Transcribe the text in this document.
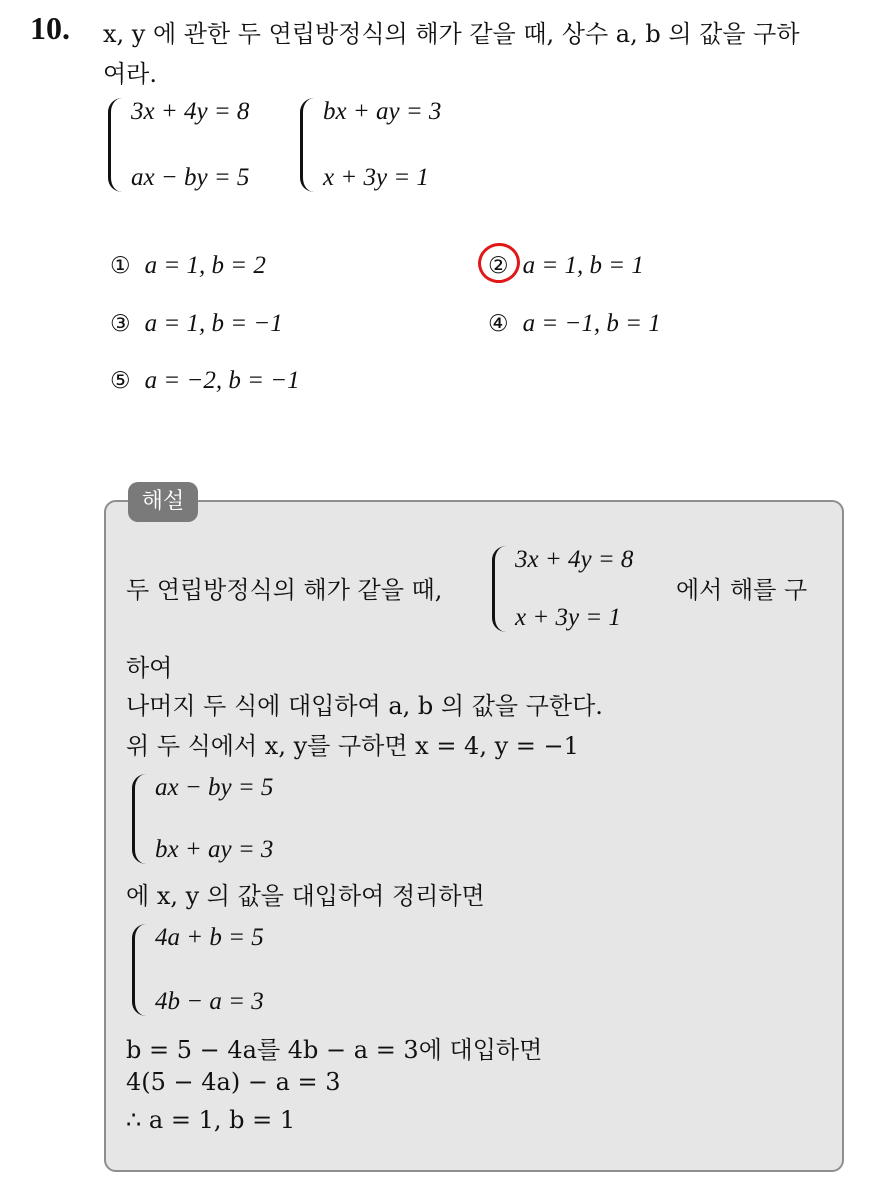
10. x, y 에 관한 두 연립방정식의 해가 같을 때, 상수 a, b 의 값을 구하
여라.
3x + 4y = 8
ax − by = 5
bx + ay = 3
x + 3y = 1
① a = 1, b = 2	② a = 1, b = 1
③ a = 1, b = −1	④ a = −1, b = 1
⑤ a = −2, b = −1
해설
두 연립방정식의 해가 같을 때,
3x + 4y = 8
x + 3y = 1
에서 해를 구
하여
나머지 두 식에 대입하여 a, b 의 값을 구한다.
위 두 식에서 x, y를 구하면 x = 4, y = −1
ax − by = 5
bx + ay = 3
에 x, y 의 값을 대입하여 정리하면
4a + b = 5
4b − a = 3
b = 5 − 4a를 4b − a = 3에 대입하면
4(5 − 4a) − a = 3
∴ a = 1, b = 1
